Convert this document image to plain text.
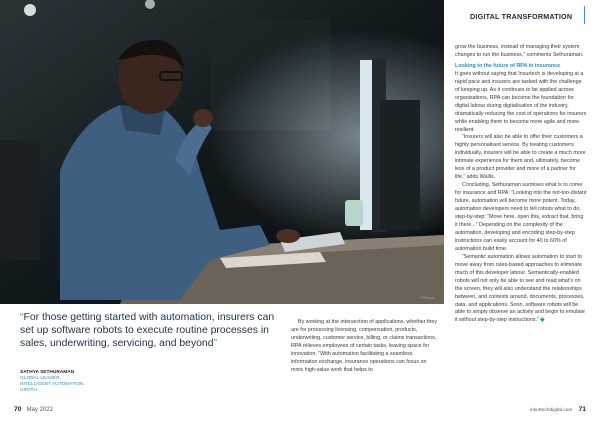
©iStock
DIGITAL TRANSFORMATION

grow the business, instead of managing their system changes to run the business,” comments Sethuraman.

Looking to the future of RPA in insurance

It goes without saying that Insurtech is developing at a rapid pace and insurers are tasked with the challenge of keeping up. As it continues to be applied across organisations, RPA can become the foundation for digital labour during digitalisation of the industry, dramatically reducing the cost of operations for insurers while enabling them to become more agile and more resilient.

“Insurers will also be able to offer their customers a highly personalised service. By treating customers individually, insurers will be able to create a much more intimate experience for them and, ultimately, become less of a product provider and more of a partner for life,” adds Wallis.

Concluding, Sethuraman surmises what is to come for insurance and RPA: “Looking into the not-too-distant future, automation will become more potent. Today, automation developers need to tell robots what to do, step-by-step: “Move here, open this, extract that, bring it there...” Depending on the complexity of the automation, developing and encoding step-by-step instructions can easily account for 40 to 60% of automation build time.

“Semantic automation allows automation to start to move away from rules-based approaches to eliminate much of this developer labour. Semantically-enabled robots will not only be able to see and read what’s on the screen, they will also understand the relationships between, and contexts around, documents, processes, data, and applications. Soon, software robots will be able to simply observe an activity and begin to emulate it without step-by-step instructions.” ◆

“For those getting started with automation, insurers can set up software robots to execute routine processes in sales, underwriting, servicing, and beyond”
SATHYA SETHURAMAN
GLOBAL LEADER,
INTELLIGENT AUTOMATION,
UIPATH

By working at the intersection of applications, whether they are for processing licensing, compensation, products, underwriting, customer service, billing, or claims transactions, RPA relieves employees of certain tasks, leaving space for innovation. “With automation facilitating a seamless information exchange, insurance operations can focus on more high-value work that helps to

70 May 2022	insurtechdigital.com 71
